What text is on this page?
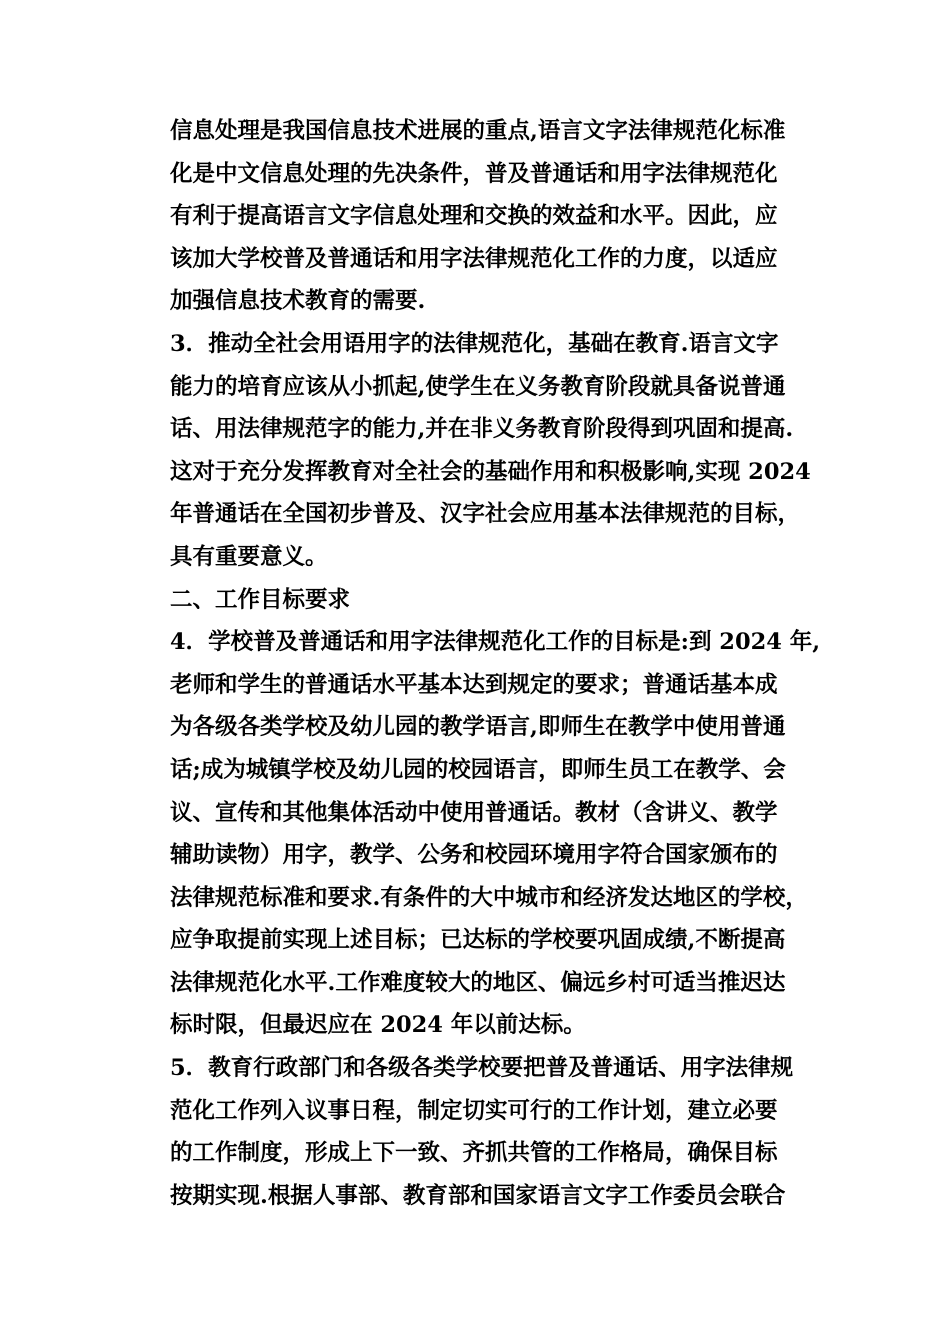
信息处理是我国信息技术进展的重点,语言文字法律规范化标准
化是中文信息处理的先决条件，普及普通话和用字法律规范化
有利于提高语言文字信息处理和交换的效益和水平。因此，应
该加大学校普及普通话和用字法律规范化工作的力度，以适应
加强信息技术教育的需要.
3．推动全社会用语用字的法律规范化，基础在教育.语言文字
能力的培育应该从小抓起,使学生在义务教育阶段就具备说普通
话、用法律规范字的能力,并在非义务教育阶段得到巩固和提高.
这对于充分发挥教育对全社会的基础作用和积极影响,实现 2024
年普通话在全国初步普及、汉字社会应用基本法律规范的目标，
具有重要意义。
二、工作目标要求
4．学校普及普通话和用字法律规范化工作的目标是:到 2024 年,
老师和学生的普通话水平基本达到规定的要求；普通话基本成
为各级各类学校及幼儿园的教学语言,即师生在教学中使用普通
话;成为城镇学校及幼儿园的校园语言，即师生员工在教学、会
议、宣传和其他集体活动中使用普通话。教材（含讲义、教学
辅助读物）用字，教学、公务和校园环境用字符合国家颁布的
法律规范标准和要求.有条件的大中城市和经济发达地区的学校，
应争取提前实现上述目标；已达标的学校要巩固成绩,不断提高
法律规范化水平.工作难度较大的地区、偏远乡村可适当推迟达
标时限，但最迟应在 2024 年以前达标。
5．教育行政部门和各级各类学校要把普及普通话、用字法律规
范化工作列入议事日程，制定切实可行的工作计划，建立必要
的工作制度，形成上下一致、齐抓共管的工作格局，确保目标
按期实现.根据人事部、教育部和国家语言文字工作委员会联合
